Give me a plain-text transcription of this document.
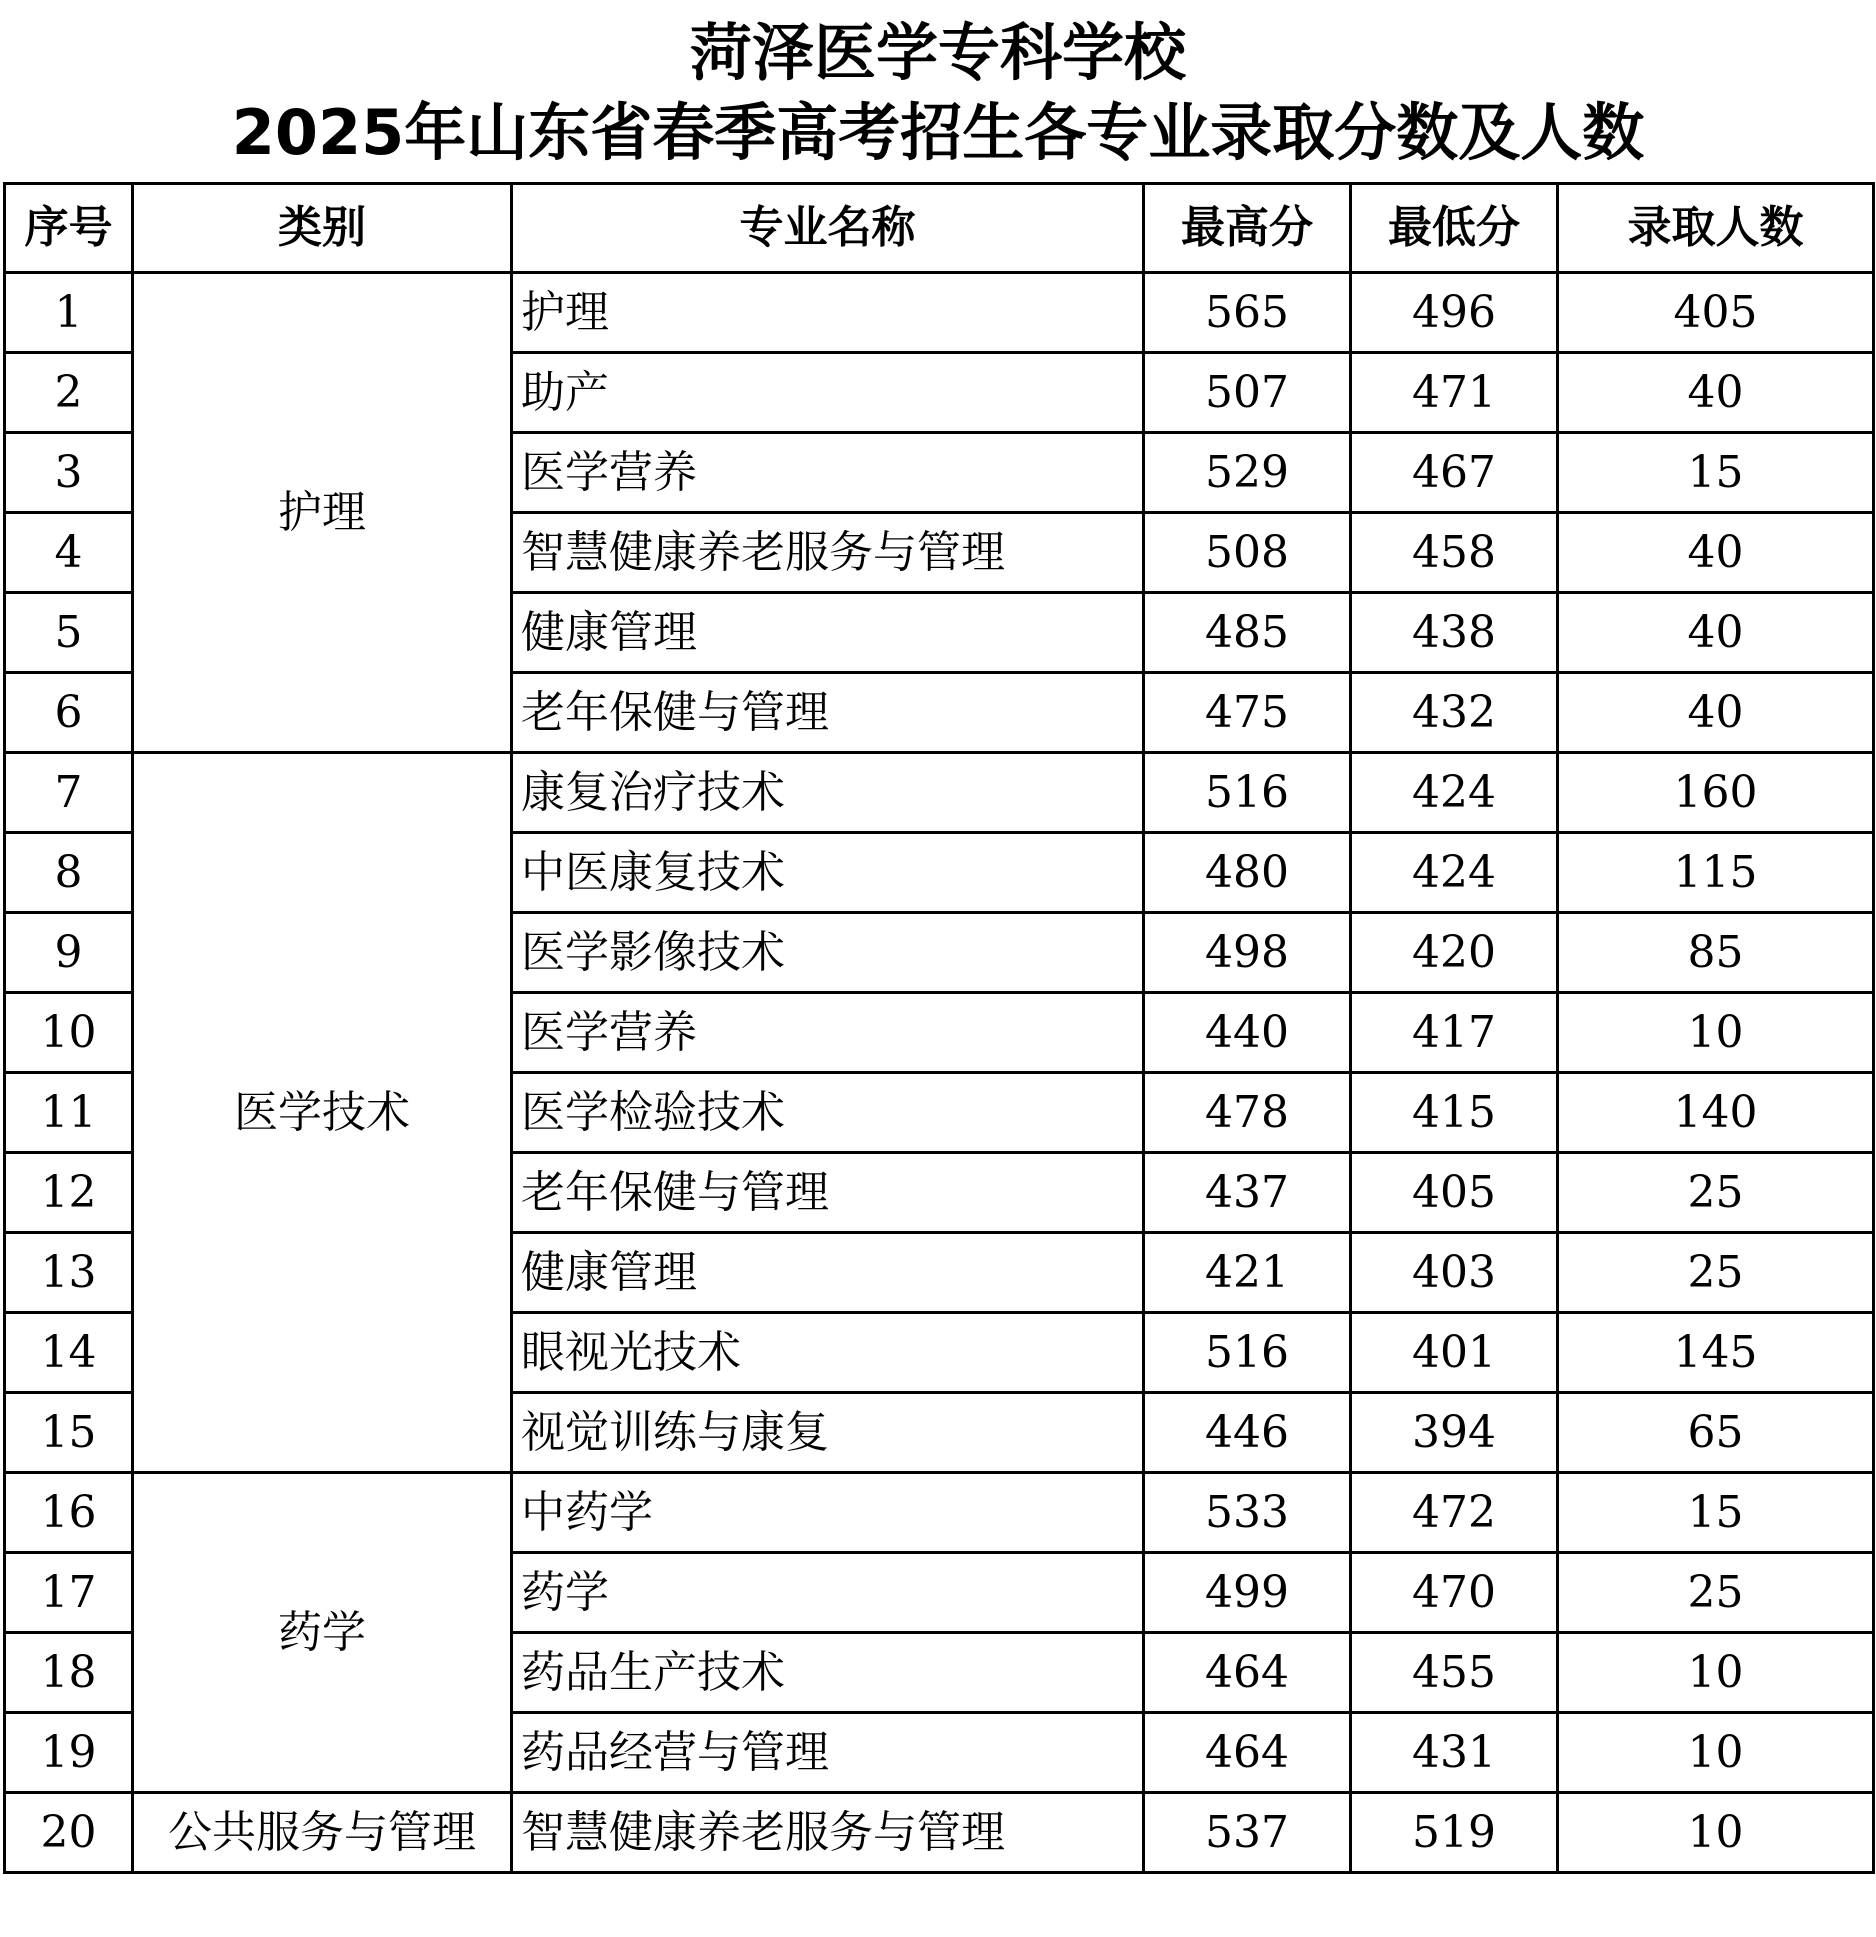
菏泽医学专科学校
2025年山东省春季高考招生各专业录取分数及人数
序号	类别	专业名称	最高分	最低分	录取人数
1	护理	护理	565	496	405
2		助产	507	471	40
3		医学营养	529	467	15
4		智慧健康养老服务与管理	508	458	40
5		健康管理	485	438	40
6		老年保健与管理	475	432	40
7	医学技术	康复治疗技术	516	424	160
8		中医康复技术	480	424	115
9		医学影像技术	498	420	85
10		医学营养	440	417	10
11		医学检验技术	478	415	140
12		老年保健与管理	437	405	25
13		健康管理	421	403	25
14		眼视光技术	516	401	145
15		视觉训练与康复	446	394	65
16	药学	中药学	533	472	15
17		药学	499	470	25
18		药品生产技术	464	455	10
19		药品经营与管理	464	431	10
20	公共服务与管理	智慧健康养老服务与管理	537	519	10
